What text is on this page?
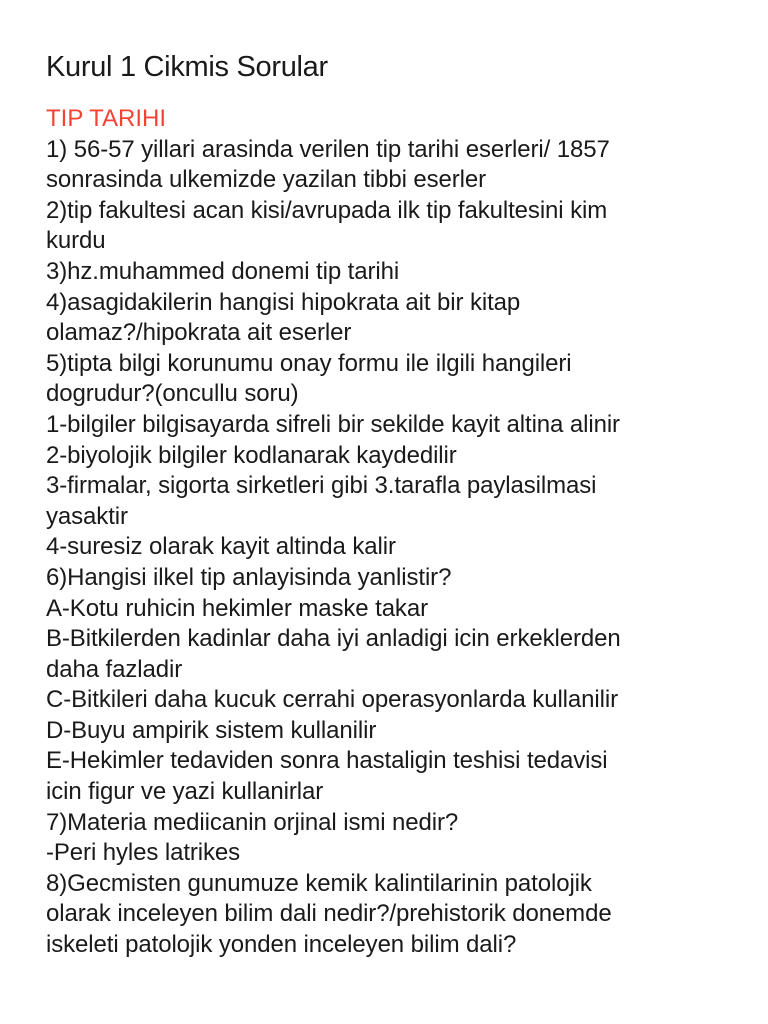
Kurul 1 Cikmis Sorular

TIP TARIHI

1) 56-57 yillari arasinda verilen tip tarihi eserleri/ 1857
sonrasinda ulkemizde yazilan tibbi eserler
2)tip fakultesi acan kisi/avrupada ilk tip fakultesini kim
kurdu
3)hz.muhammed donemi tip tarihi
4)asagidakilerin hangisi hipokrata ait bir kitap
olamaz?/hipokrata ait eserler
5)tipta bilgi korunumu onay formu ile ilgili hangileri
dogrudur?(oncullu soru)
1-bilgiler bilgisayarda sifreli bir sekilde kayit altina alinir
2-biyolojik bilgiler kodlanarak kaydedilir
3-firmalar, sigorta sirketleri gibi 3.tarafla paylasilmasi
yasaktir
4-suresiz olarak kayit altinda kalir
6)Hangisi ilkel tip anlayisinda yanlistir?
A-Kotu ruhicin hekimler maske takar
B-Bitkilerden kadinlar daha iyi anladigi icin erkeklerden
daha fazladir
C-Bitkileri daha kucuk cerrahi operasyonlarda kullanilir
D-Buyu ampirik sistem kullanilir
E-Hekimler tedaviden sonra hastaligin teshisi tedavisi
icin figur ve yazi kullanirlar
7)Materia mediicanin orjinal ismi nedir?
-Peri hyles latrikes
8)Gecmisten gunumuze kemik kalintilarinin patolojik
olarak inceleyen bilim dali nedir?/prehistorik donemde
iskeleti patolojik yonden inceleyen bilim dali?
